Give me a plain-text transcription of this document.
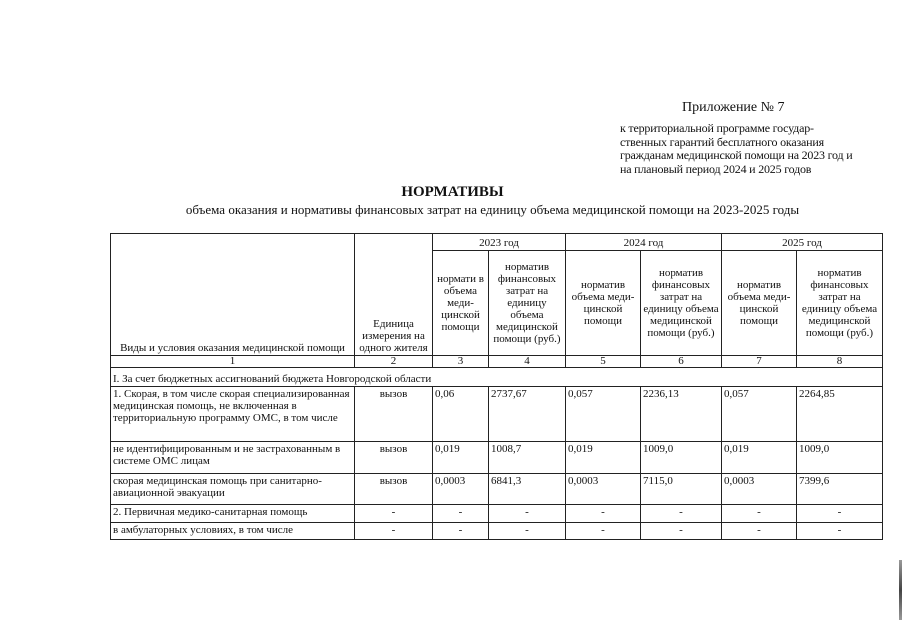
Приложение № 7
к территориальной программе государ-ственных гарантий бесплатного оказания гражданам медицинской помощи на 2023 год и на плановый период 2024 и 2025 годов
НОРМАТИВЫ
объема оказания и нормативы финансовых затрат на единицу объема медицинской помощи на 2023-2025 годы
Виды и условия оказания медицинской помощи	Единица измерения на одного жителя	2023 год		2024 год		2025 год	
		нормати в объема меди-цинской помощи	норматив финансовых затрат на единицу объема медицинской помощи (руб.)	норматив объема меди-цинской помощи	норматив финансовых затрат на единицу объема медицинской помощи (руб.)	норматив объема меди-цинской помощи	норматив финансовых затрат на единицу объема медицинской помощи (руб.)
1	2	3	4	5	6	7	8
I. За счет бюджетных ассигнований бюджета Новгородской области							
1. Скорая, в том числе скорая специализированная медицинская помощь, не включенная в территориальную программу ОМС, в том числе	вызов	0,06	2737,67	0,057	2236,13	0,057	2264,85
не идентифицированным и не застрахованным в системе ОМС лицам	вызов	0,019	1008,7	0,019	1009,0	0,019	1009,0
скорая медицинская помощь при санитарно-авиационной эвакуации	вызов	0,0003	6841,3	0,0003	7115,0	0,0003	7399,6
2. Первичная медико-санитарная помощь	-	-	-	-	-	-	-
в амбулаторных условиях, в том числе	-	-	-	-	-	-	-
